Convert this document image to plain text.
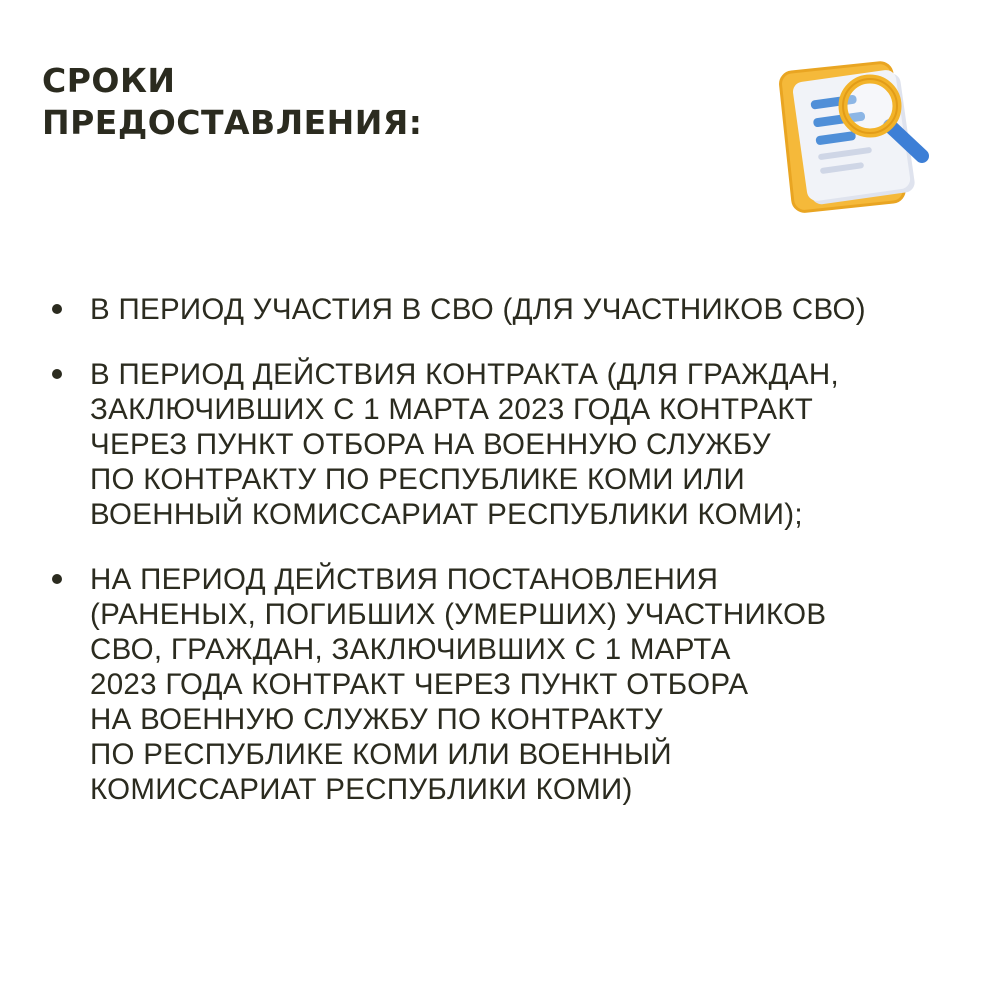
СРОКИ
ПРЕДОСТАВЛЕНИЯ:
В ПЕРИОД УЧАСТИЯ В СВО (ДЛЯ УЧАСТНИКОВ СВО)
В ПЕРИОД ДЕЙСТВИЯ КОНТРАКТА (ДЛЯ ГРАЖДАН,
ЗАКЛЮЧИВШИХ С 1 МАРТА 2023 ГОДА КОНТРАКТ
ЧЕРЕЗ ПУНКТ ОТБОРА НА ВОЕННУЮ СЛУЖБУ
ПО КОНТРАКТУ ПО РЕСПУБЛИКЕ КОМИ ИЛИ
ВОЕННЫЙ КОМИССАРИАТ РЕСПУБЛИКИ КОМИ);
НА ПЕРИОД ДЕЙСТВИЯ ПОСТАНОВЛЕНИЯ
(РАНЕНЫХ, ПОГИБШИХ (УМЕРШИХ) УЧАСТНИКОВ
СВО, ГРАЖДАН, ЗАКЛЮЧИВШИХ С 1 МАРТА
2023 ГОДА КОНТРАКТ ЧЕРЕЗ ПУНКТ ОТБОРА
НА ВОЕННУЮ СЛУЖБУ ПО КОНТРАКТУ
ПО РЕСПУБЛИКЕ КОМИ ИЛИ ВОЕННЫЙ
КОМИССАРИАТ РЕСПУБЛИКИ КОМИ)
